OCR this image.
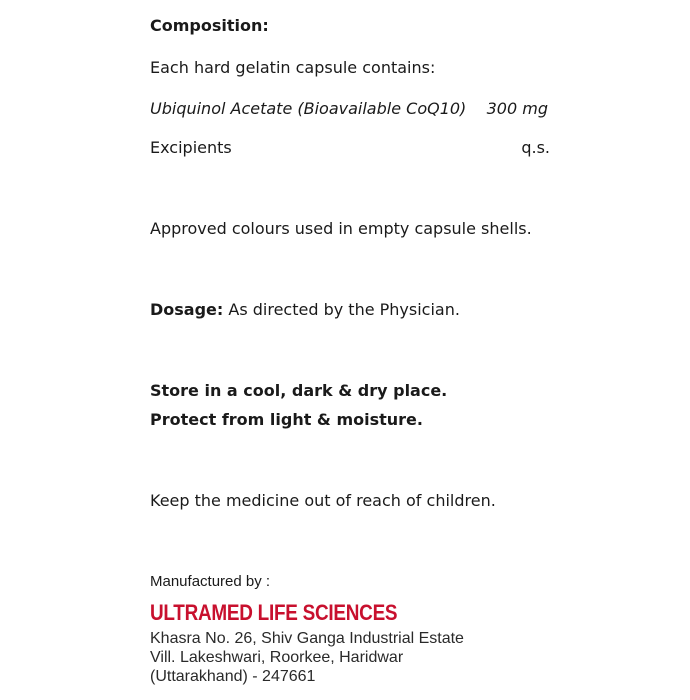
Composition:
Each hard gelatin capsule contains:
Ubiquinol Acetate (Bioavailable CoQ10) 300 mg
Excipients	q.s.
Approved colours used in empty capsule shells.
Dosage: As directed by the Physician.
Store in a cool, dark & dry place.
Protect from light & moisture.
Keep the medicine out of reach of children.
Manufactured by :
ULTRAMED LIFE SCIENCES
Khasra No. 26, Shiv Ganga Industrial Estate
Vill. Lakeshwari, Roorkee, Haridwar
(Uttarakhand) - 247661
